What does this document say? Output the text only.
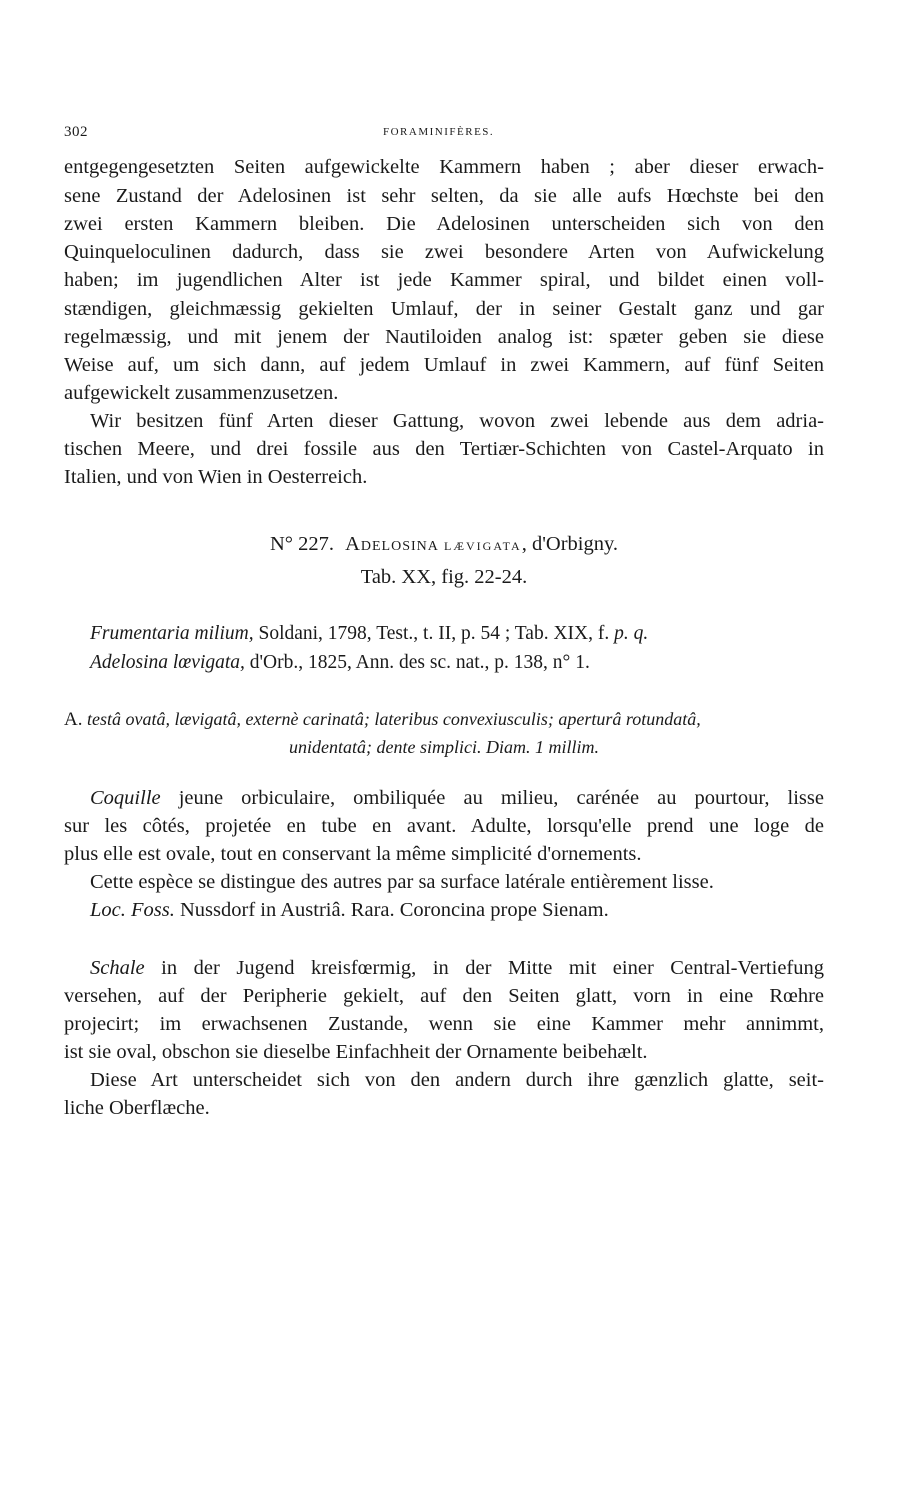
302	FORAMINIFÈRES.
entgegengesetzten Seiten aufgewickelte Kammern haben ; aber dieser erwach-
sene Zustand der Adelosinen ist sehr selten, da sie alle aufs Hœchste bei den
zwei ersten Kammern bleiben. Die Adelosinen unterscheiden sich von den
Quinqueloculinen dadurch, dass sie zwei besondere Arten von Aufwickelung
haben; im jugendlichen Alter ist jede Kammer spiral, und bildet einen voll-
stændigen, gleichmæssig gekielten Umlauf, der in seiner Gestalt ganz und gar
regelmæssig, und mit jenem der Nautiloiden analog ist: spæter geben sie diese
Weise auf, um sich dann, auf jedem Umlauf in zwei Kammern, auf fünf Seiten
aufgewickelt zusammenzusetzen.
Wir besitzen fünf Arten dieser Gattung, wovon zwei lebende aus dem adria-
tischen Meere, und drei fossile aus den Tertiær-Schichten von Castel-Arquato in
Italien, und von Wien in Oesterreich.
N° 227. Adelosina LÆVIGATA, d'Orbigny.
Tab. XX, fig. 22-24.
Frumentaria milium, Soldani, 1798, Test., t. II, p. 54 ; Tab. XIX, f. p. q.
Adelosina lœvigata, d'Orb., 1825, Ann. des sc. nat., p. 138, n° 1.
A. testâ ovatâ, lævigatâ, externè carinatâ; lateribus convexiusculis; aperturâ rotundatâ,
unidentatâ; dente simplici. Diam. 1 millim.
Coquille jeune orbiculaire, ombiliquée au milieu, carénée au pourtour, lisse
sur les côtés, projetée en tube en avant. Adulte, lorsqu'elle prend une loge de
plus elle est ovale, tout en conservant la même simplicité d'ornements.
Cette espèce se distingue des autres par sa surface latérale entièrement lisse.
Loc. Foss. Nussdorf in Austriâ. Rara. Coroncina prope Sienam.
Schale in der Jugend kreisfœrmig, in der Mitte mit einer Central-Vertiefung
versehen, auf der Peripherie gekielt, auf den Seiten glatt, vorn in eine Rœhre
projecirt; im erwachsenen Zustande, wenn sie eine Kammer mehr annimmt,
ist sie oval, obschon sie dieselbe Einfachheit der Ornamente beibehælt.
Diese Art unterscheidet sich von den andern durch ihre gænzlich glatte, seit-
liche Oberflæche.
